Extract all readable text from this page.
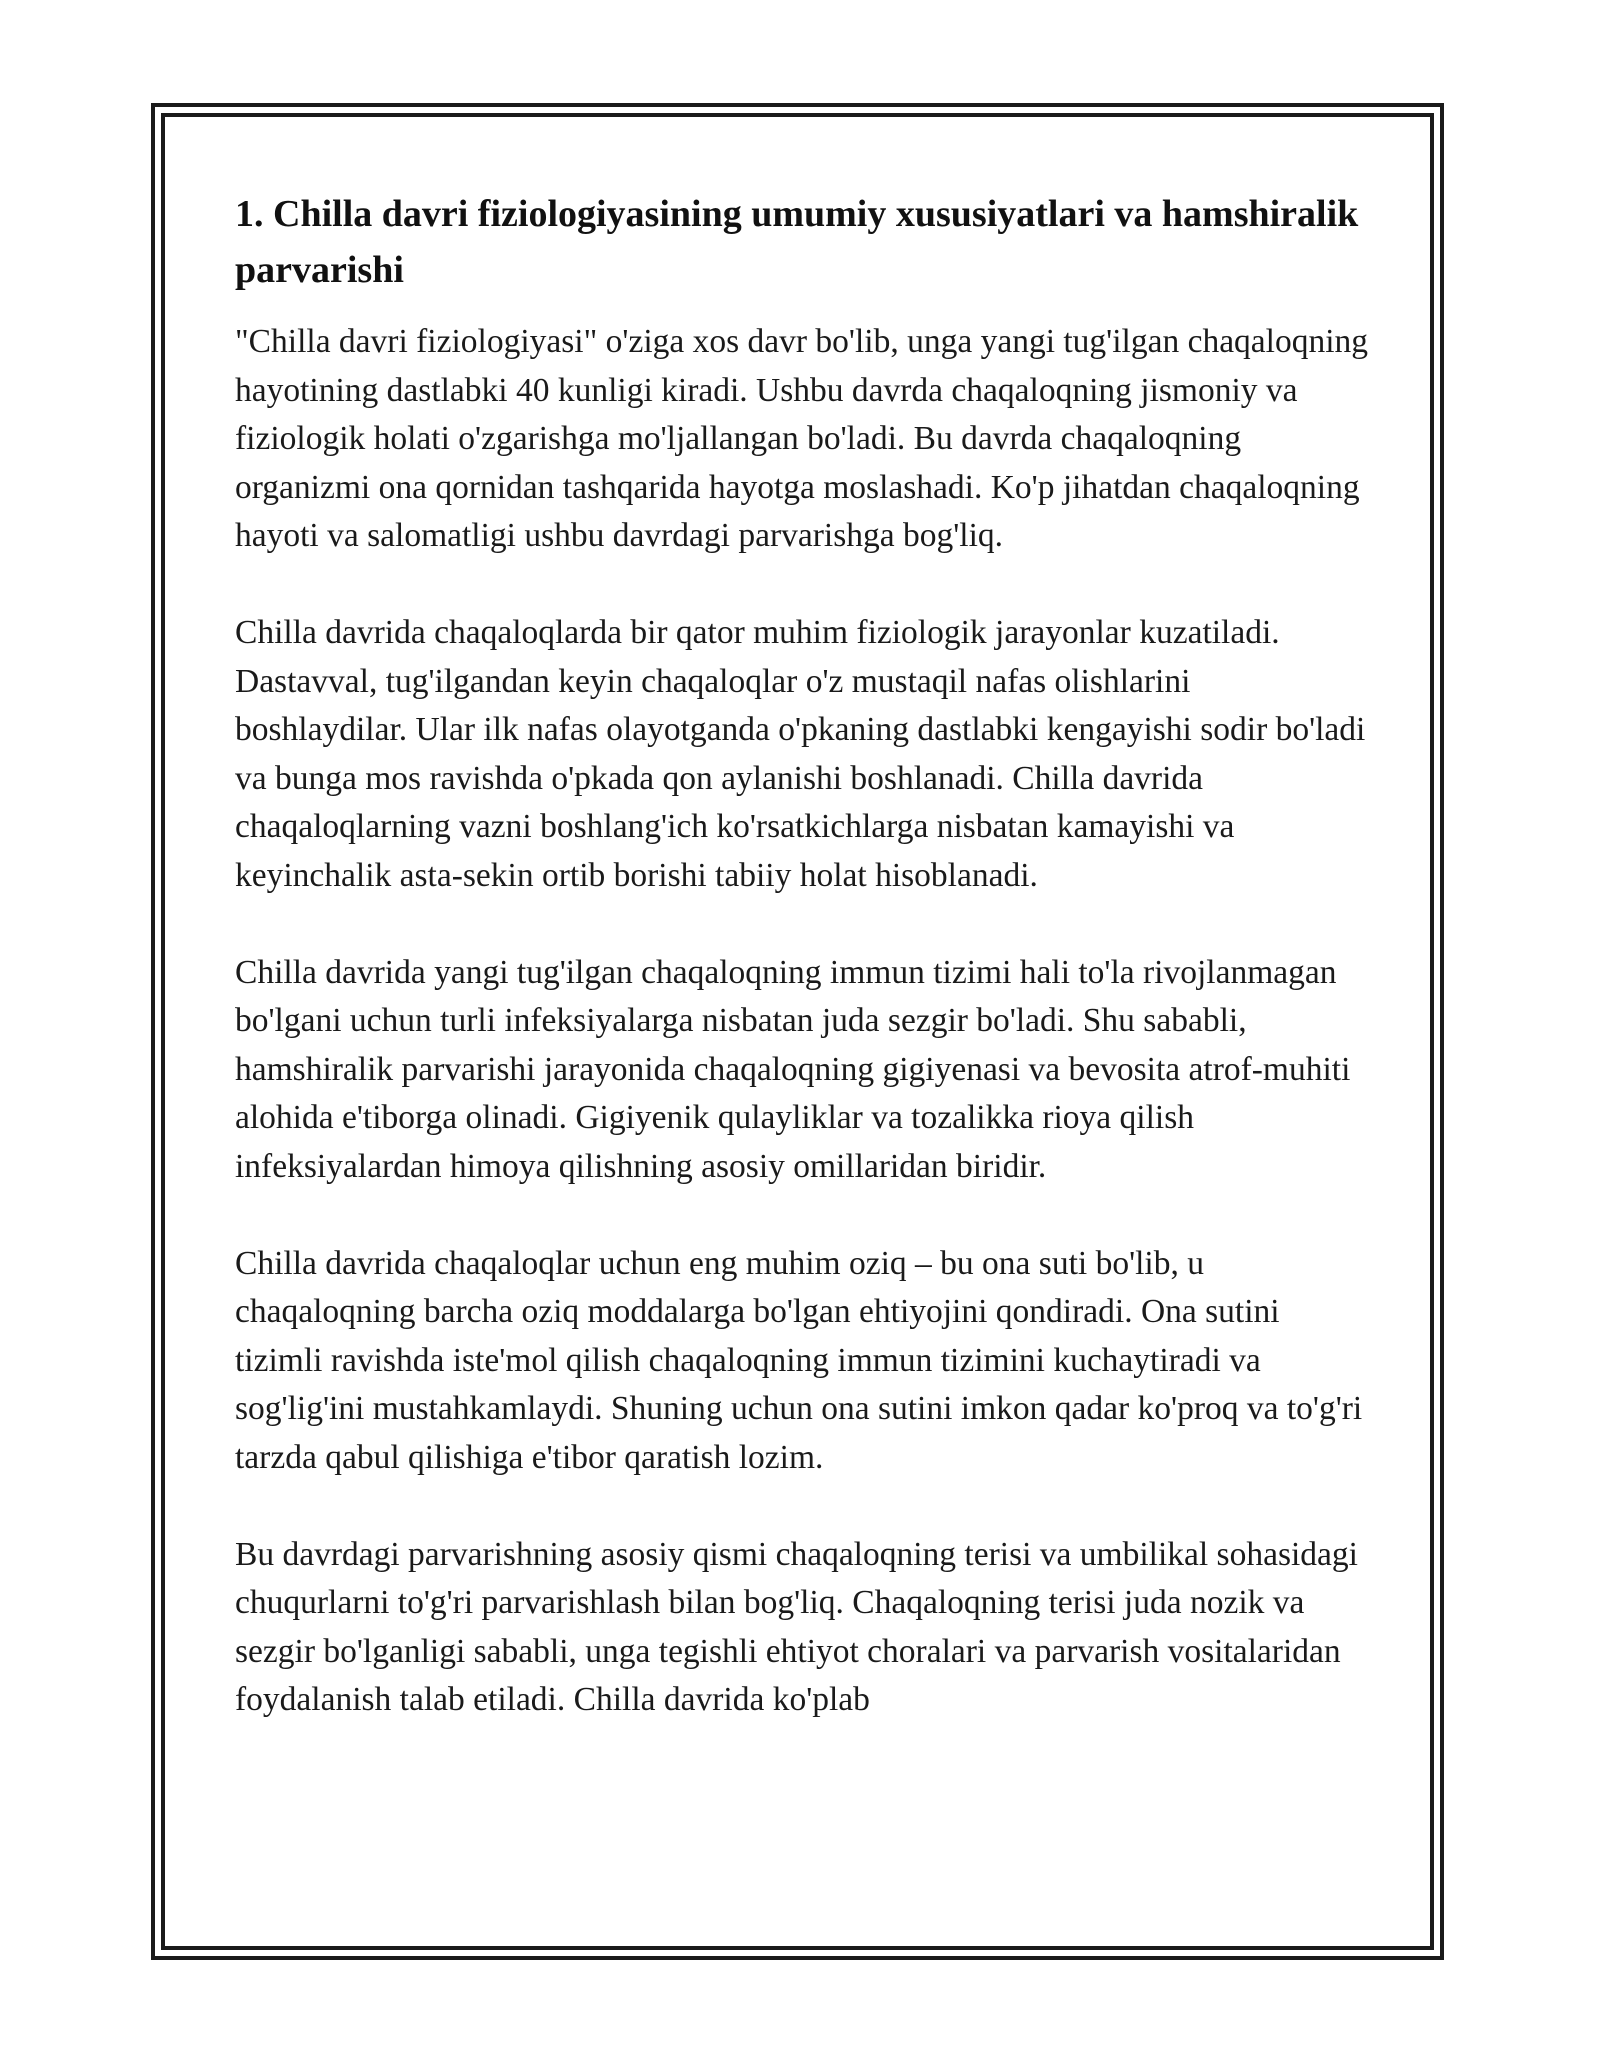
1. Chilla davri fiziologiyasining umumiy xususiyatlari va hamshiralik parvarishi

"Chilla davri fiziologiyasi" o'ziga xos davr bo'lib, unga yangi tug'ilgan chaqaloqning hayotining dastlabki 40 kunligi kiradi. Ushbu davrda chaqaloqning jismoniy va fiziologik holati o'zgarishga mo'ljallangan bo'ladi. Bu davrda chaqaloqning organizmi ona qornidan tashqarida hayotga moslashadi. Ko'p jihatdan chaqaloqning hayoti va salomatligi ushbu davrdagi parvarishga bog'liq.

Chilla davrida chaqaloqlarda bir qator muhim fiziologik jarayonlar kuzatiladi. Dastavval, tug'ilgandan keyin chaqaloqlar o'z mustaqil nafas olishlarini boshlaydilar. Ular ilk nafas olayotganda o'pkaning dastlabki kengayishi sodir bo'ladi va bunga mos ravishda o'pkada qon aylanishi boshlanadi. Chilla davrida chaqaloqlarning vazni boshlang'ich ko'rsatkichlarga nisbatan kamayishi va keyinchalik asta-sekin ortib borishi tabiiy holat hisoblanadi.

Chilla davrida yangi tug'ilgan chaqaloqning immun tizimi hali to'la rivojlanmagan bo'lgani uchun turli infeksiyalarga nisbatan juda sezgir bo'ladi. Shu sababli, hamshiralik parvarishi jarayonida chaqaloqning gigiyenasi va bevosita atrof-muhiti alohida e'tiborga olinadi. Gigiyenik qulayliklar va tozalikka rioya qilish infeksiyalardan himoya qilishning asosiy omillaridan biridir.

Chilla davrida chaqaloqlar uchun eng muhim oziq – bu ona suti bo'lib, u chaqaloqning barcha oziq moddalarga bo'lgan ehtiyojini qondiradi. Ona sutini tizimli ravishda iste'mol qilish chaqaloqning immun tizimini kuchaytiradi va sog'lig'ini mustahkamlaydi. Shuning uchun ona sutini imkon qadar ko'proq va to'g'ri tarzda qabul qilishiga e'tibor qaratish lozim.

Bu davrdagi parvarishning asosiy qismi chaqaloqning terisi va umbilikal sohasidagi chuqurlarni to'g'ri parvarishlash bilan bog'liq. Chaqaloqning terisi juda nozik va sezgir bo'lganligi sababli, unga tegishli ehtiyot choralari va parvarish vositalaridan foydalanish talab etiladi. Chilla davrida ko'plab
